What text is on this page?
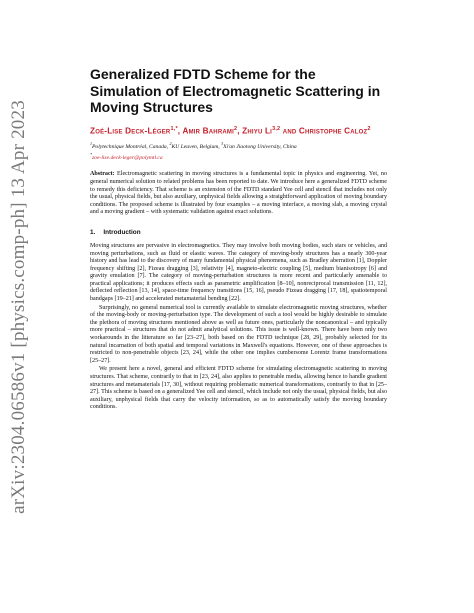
arXiv:2304.06586v1 [physics.comp-ph] 13 Apr 2023
Generalized FDTD Scheme for the Simulation of Electromagnetic Scattering in Moving Structures
Zoé-Lise Deck-Léger$^{1,*}$, Amir Bahrami$^2$, Zhiyu Li$^{3,2}$ and Christophe Caloz$^2$
$^1$Polytechnique Montréal, Canada, $^2$KU Leuven, Belgium, $^3$Xi'an Jiaotong University, China
*zoe-lise.deck-leger@polymtl.ca

Abstract: Electromagnetic scattering in moving structures is a fundamental topic in physics and engineering. Yet, no general numerical solution to related problems has been reported to date. We introduce here a generalized FDTD scheme to remedy this deficiency. That scheme is an extension of the FDTD standard Yee cell and stencil that includes not only the usual, physical fields, but also auxiliary, unphysical fields allowing a straightforward application of moving boundary conditions. The proposed scheme is illustrated by four examples – a moving interface, a moving slab, a moving crystal and a moving gradient – with systematic validation against exact solutions.

1. Introduction

Moving structures are pervasive in electromagnetics. They may involve both moving bodies, such stars or vehicles, and moving perturbations, such as fluid or elastic waves. The category of moving-body structures has a nearly 300-year history and has lead to the discovery of many fundamental physical phenomena, such as Bradley aberration [1], Doppler frequency shifting [2], Fizeau dragging [3], relativity [4], magneto-electric coupling [5], medium bianisotropy [6] and gravity emulation [7]. The category of moving-perturbation structures is more recent and particularly amenable to practical applications; it produces effects such as parametric amplification [8–10], nonreciprocal transmission [11, 12], deflected reflection [13, 14], space-time frequency transitions [15, 16], pseudo Fizeau dragging [17, 18], spatiotemporal bandgaps [19–21] and accelerated metamaterial bending [22].

Surprisingly, no general numerical tool is currently available to simulate electromagnetic moving structures, whether of the moving-body or moving-perturbation type. The development of such a tool would be highly desirable to simulate the plethora of moving structures mentioned above as well as future ones, particularly the noncanonical – and typically more practical – structures that do not admit analytical solutions. This issue is well-known. There have been only two workarounds in the litterature so far [23–27], both based on the FDTD technique [28, 29], probably selected for its natural incarnation of both spatial and temporal variations in Maxwell's equations. However, one of these approaches is restricted to non-penetrable objects [23, 24], while the other one implies cumbersome Lorentz frame transformations [25–27].

We present here a novel, general and efficient FDTD scheme for simulating electromagnetic scattering in moving structures. That scheme, contrarily to that in [23, 24], also applies to penetrable media, allowing hence to handle gradient structures and metamaterials [17, 30], without requiring problematic numerical transformations, contrarily to that in [25–27]. This scheme is based on a generalized Yee cell and stencil, which include not only the usual, physical fields, but also auxiliary, unphysical fields that carry the velocity information, so as to automatically satisfy the moving boundary conditions.
